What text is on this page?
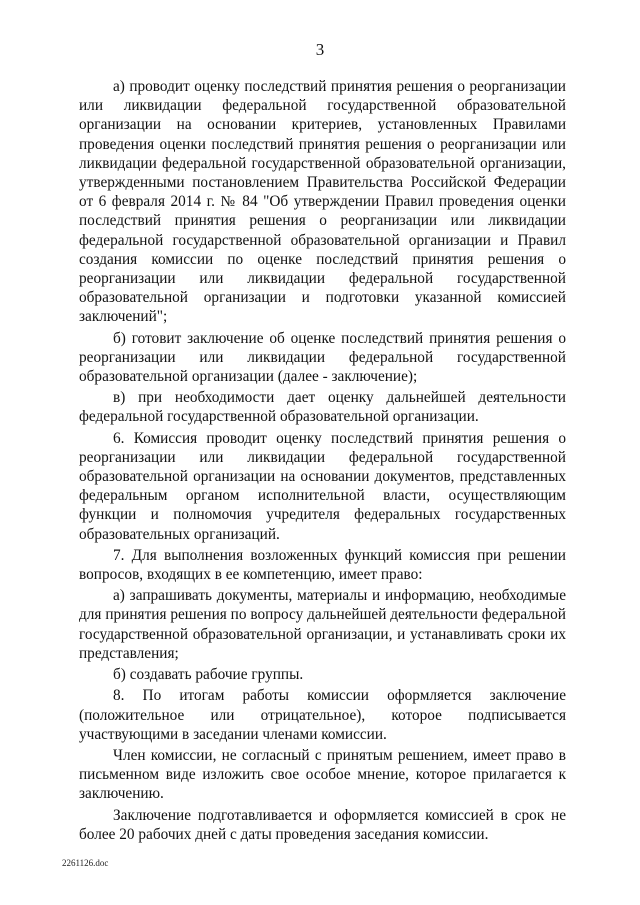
3

а) проводит оценку последствий принятия решения о реорганизации или ликвидации федеральной государственной образовательной организации на основании критериев, установленных Правилами проведения оценки последствий принятия решения о реорганизации или ликвидации федеральной государственной образовательной организации, утвержденными постановлением Правительства Российской Федерации от 6 февраля 2014 г. № 84 "Об утверждении Правил проведения оценки последствий принятия решения о реорганизации или ликвидации федеральной государственной образовательной организации и Правил создания комиссии по оценке последствий принятия решения о реорганизации или ликвидации федеральной государственной образовательной организации и подготовки указанной комиссией заключений";

б) готовит заключение об оценке последствий принятия решения о реорганизации или ликвидации федеральной государственной образовательной организации (далее - заключение);

в) при необходимости дает оценку дальнейшей деятельности федеральной государственной образовательной организации.

6. Комиссия проводит оценку последствий принятия решения о реорганизации или ликвидации федеральной государственной образовательной организации на основании документов, представленных федеральным органом исполнительной власти, осуществляющим функции и полномочия учредителя федеральных государственных образовательных организаций.

7. Для выполнения возложенных функций комиссия при решении вопросов, входящих в ее компетенцию, имеет право:

а) запрашивать документы, материалы и информацию, необходимые для принятия решения по вопросу дальнейшей деятельности федеральной государственной образовательной организации, и устанавливать сроки их представления;

б) создавать рабочие группы.

8. По итогам работы комиссии оформляется заключение (положительное или отрицательное), которое подписывается участвующими в заседании членами комиссии.

Член комиссии, не согласный с принятым решением, имеет право в письменном виде изложить свое особое мнение, которое прилагается к заключению.

Заключение подготавливается и оформляется комиссией в срок не более 20 рабочих дней с даты проведения заседания комиссии.

2261126.doc
